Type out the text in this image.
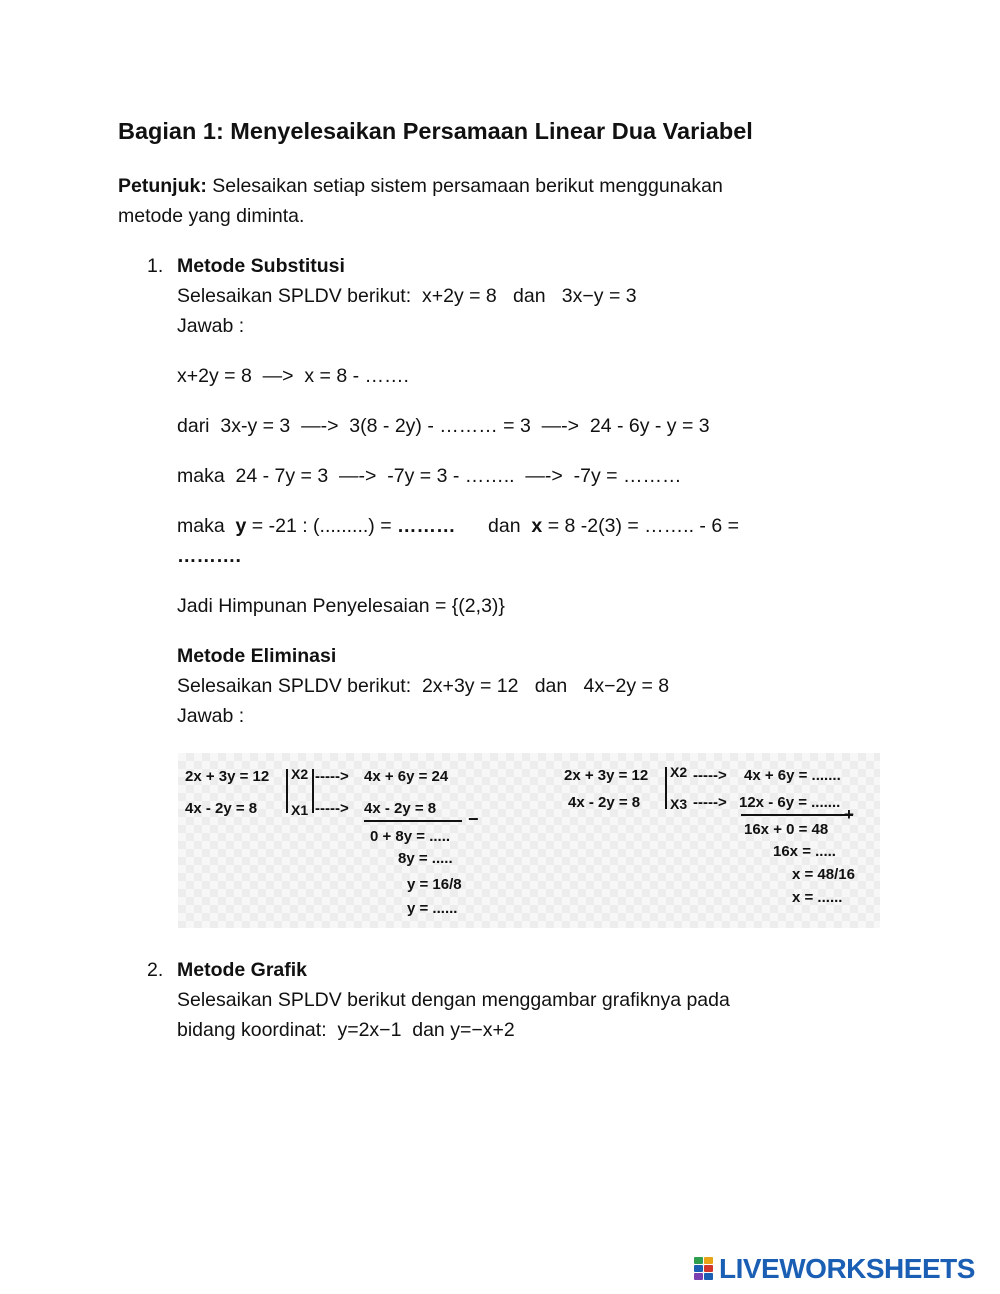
Bagian 1: Menyelesaikan Persamaan Linear Dua Variabel
Petunjuk: Selesaikan setiap sistem persamaan berikut menggunakan
metode yang diminta.
1. Metode Substitusi
Selesaikan SPLDV berikut:  x+2y = 8   dan   3x−y = 3
Jawab :
x+2y = 8  —>  x = 8 - …….
dari  3x-y = 3  —->  3(8 - 2y) - ……… = 3  —->  24 - 6y - y = 3
maka  24 - 7y = 3  —->  -7y = 3 - ……..  —->  -7y = ………
maka  y = -21 : (.........) = ………      dan  x = 8 -2(3) = …….. - 6 =
……….
Jadi Himpunan Penyelesaian = {(2,3)}
Metode Eliminasi
Selesaikan SPLDV berikut:  2x+3y = 12   dan   4x−2y = 8
Jawab :
2x + 3y = 12
4x - 2y = 8
X2
X1
----->
----->
4x + 6y = 24
4x - 2y = 8
−
0 + 8y = .....
8y = .....
y = 16/8
y = ......
2x + 3y = 12
4x - 2y = 8
X2
X3
----->
----->
4x + 6y = .......
12x - 6y = .......
+
16x + 0 = 48
16x = .....
x = 48/16
x = ......
2. Metode Grafik
Selesaikan SPLDV berikut dengan menggambar grafiknya pada
bidang koordinat:  y=2x−1  dan y=−x+2
LIVEWORKSHEETS
